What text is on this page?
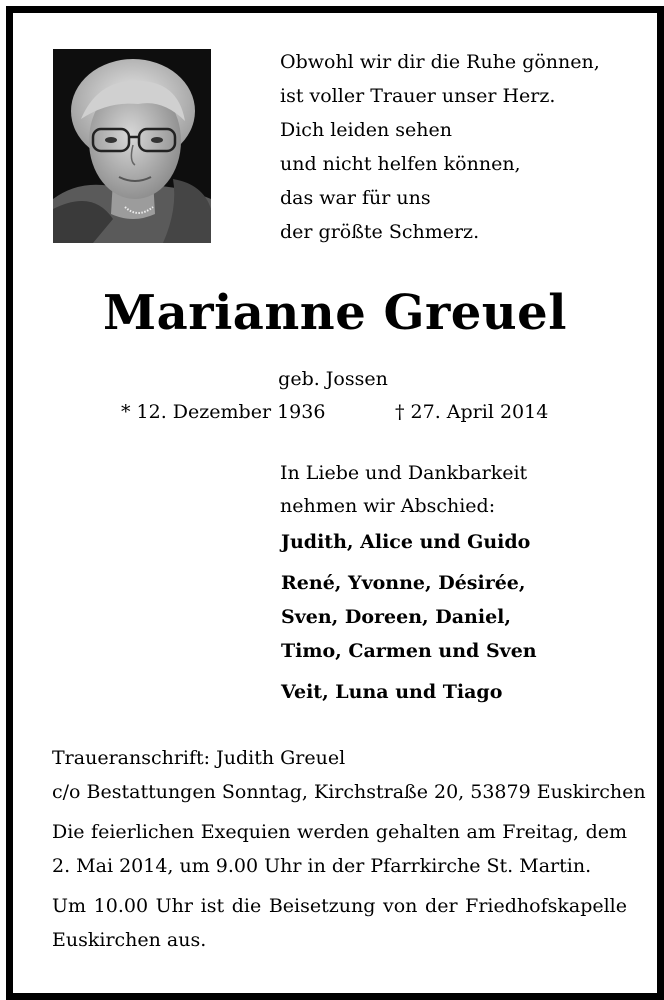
Obwohl wir dir die Ruhe gönnen,
ist voller Trauer unser Herz.
Dich leiden sehen
und nicht helfen können,
das war für uns
der größte Schmerz.
Marianne Greuel
geb. Jossen
* 12. Dezember 1936	† 27. April 2014
In Liebe und Dankbarkeit
nehmen wir Abschied:
Judith, Alice und Guido
René, Yvonne, Désirée,
Sven, Doreen, Daniel,
Timo, Carmen und Sven
Veit, Luna und Tiago
Traueranschrift: Judith Greuel
c/o Bestattungen Sonntag, Kirchstraße 20, 53879 Euskirchen
Die feierlichen Exequien werden gehalten am Freitag, dem 2. Mai 2014, um 9.00 Uhr in der Pfarrkirche St. Martin.
Um 10.00 Uhr ist die Beisetzung von der Friedhofskapelle Euskirchen aus.
